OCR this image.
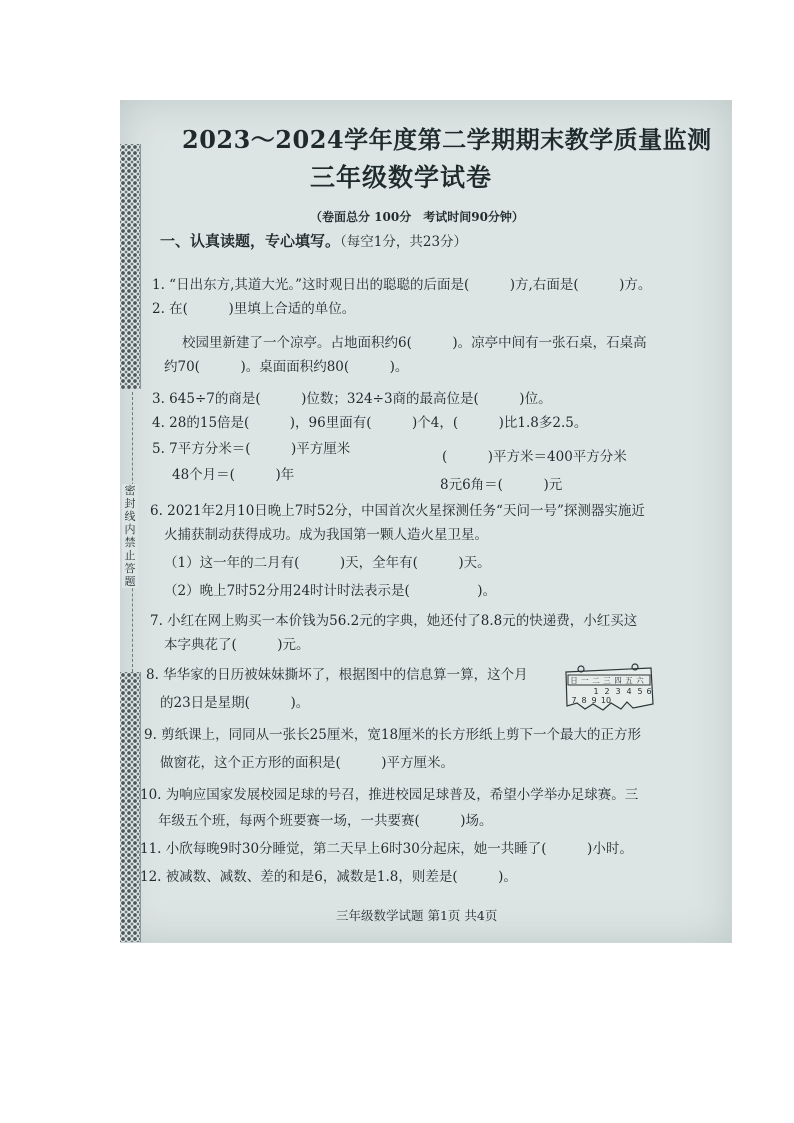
密封线内禁止答题
2023～2024学年度第二学期期末教学质量监测
三年级数学试卷
（卷面总分 100分　考试时间90分钟）
一、认真读题，专心填写。（每空1分，共23分）
1. “日出东方,其道大光。”这时观日出的聪聪的后面是(　　　)方,右面是(　　　)方。
2. 在(　　　)里填上合适的单位。
校园里新建了一个凉亭。占地面积约6(　　　)。凉亭中间有一张石桌，石桌高
约70(　　　)。桌面面积约80(　　　)。
3. 645÷7的商是(　　　)位数；324÷3商的最高位是(　　　)位。
4. 28的15倍是(　　　)，96里面有(　　　)个4，(　　　)比1.8多2.5。
5. 7平方分米＝(　　　)平方厘米	(　　　)平方米＝400平方分米
48个月＝(　　　)年
8元6角＝(　　　)元
6. 2021年2月10日晚上7时52分，中国首次火星探测任务“天问一号”探测器实施近
火捕获制动获得成功。成为我国第一颗人造火星卫星。
（1）这一年的二月有(　　　)天，全年有(　　　)天。
（2）晚上7时52分用24时计时法表示是(　　　　　)。
7. 小红在网上购买一本价钱为56.2元的字典，她还付了8.8元的快递费，小红买这
本字典花了(　　　)元。
8. 华华家的日历被妹妹撕坏了，根据图中的信息算一算，这个月
的23日是星期(　　　)。
日 一 二 三 四 五 六
1 2 3 4 5 6
7 8 9 10
9. 剪纸课上，同同从一张长25厘米，宽18厘米的长方形纸上剪下一个最大的正方形
做窗花，这个正方形的面积是(　　　)平方厘米。
10. 为响应国家发展校园足球的号召，推进校园足球普及，希望小学举办足球赛。三
年级五个班，每两个班要赛一场，一共要赛(　　　)场。
11. 小欣每晚9时30分睡觉，第二天早上6时30分起床，她一共睡了(　　　)小时。
12. 被减数、减数、差的和是6，减数是1.8，则差是(　　　)。
三年级数学试题 第1页 共4页
